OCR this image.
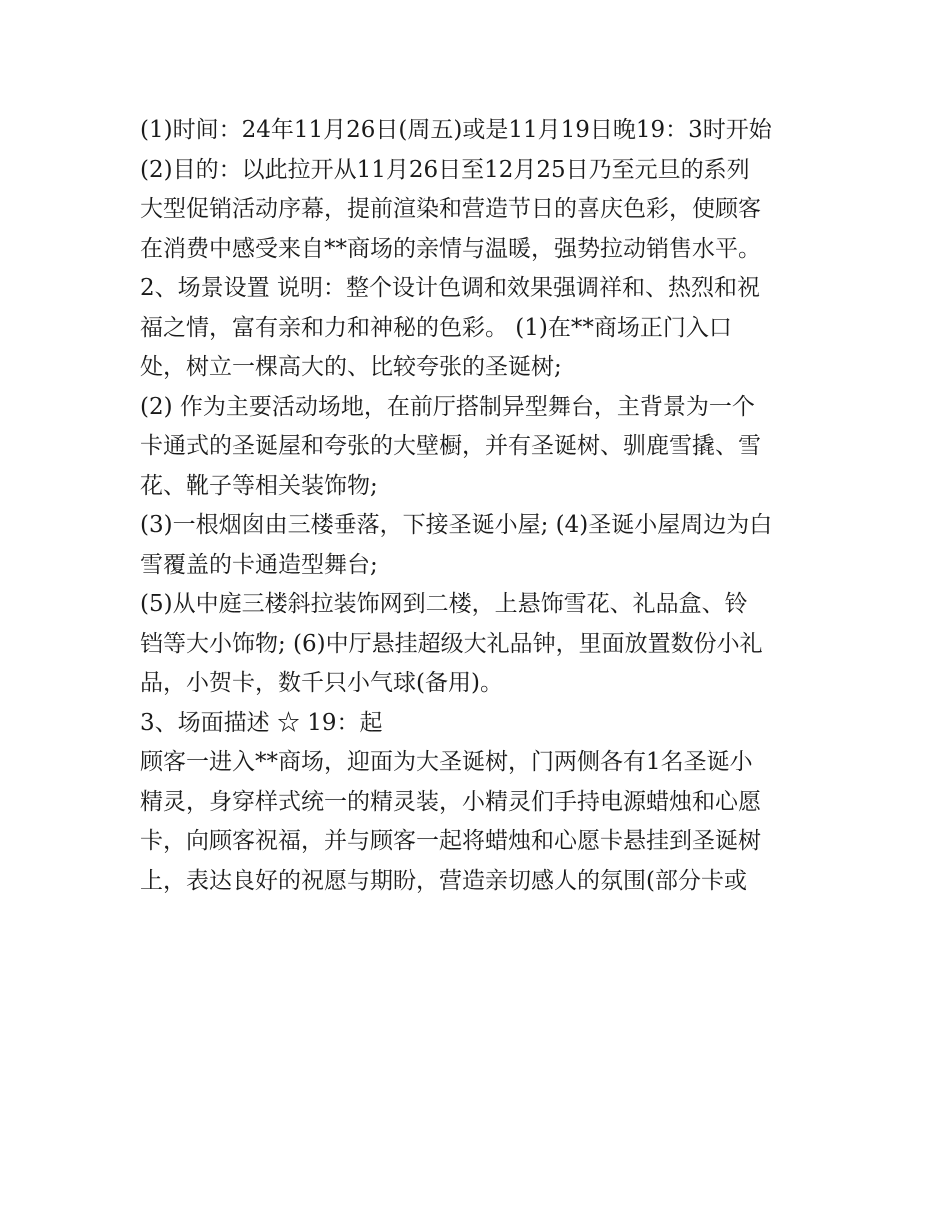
(1)时间：24年11月26日(周五)或是11月19日晚19：3时开始
(2)目的：以此拉开从11月26日至12月25日乃至元旦的系列
大型促销活动序幕，提前渲染和营造节日的喜庆色彩，使顾客
在消费中感受来自**商场的亲情与温暖，强势拉动销售水平。
2、场景设置 说明：整个设计色调和效果强调祥和、热烈和祝
福之情，富有亲和力和神秘的色彩。 (1)在**商场正门入口
处，树立一棵高大的、比较夸张的圣诞树;
(2) 作为主要活动场地，在前厅搭制异型舞台，主背景为一个
卡通式的圣诞屋和夸张的大壁橱，并有圣诞树、驯鹿雪撬、雪
花、靴子等相关装饰物;
(3)一根烟囱由三楼垂落，下接圣诞小屋; (4)圣诞小屋周边为白
雪覆盖的卡通造型舞台;
(5)从中庭三楼斜拉装饰网到二楼，上悬饰雪花、礼品盒、铃
铛等大小饰物; (6)中厅悬挂超级大礼品钟，里面放置数份小礼
品，小贺卡，数千只小气球(备用)。
3、场面描述 ☆ 19：起
顾客一进入**商场，迎面为大圣诞树，门两侧各有1名圣诞小
精灵，身穿样式统一的精灵装，小精灵们手持电源蜡烛和心愿
卡，向顾客祝福，并与顾客一起将蜡烛和心愿卡悬挂到圣诞树
上，表达良好的祝愿与期盼，营造亲切感人的氛围(部分卡或
